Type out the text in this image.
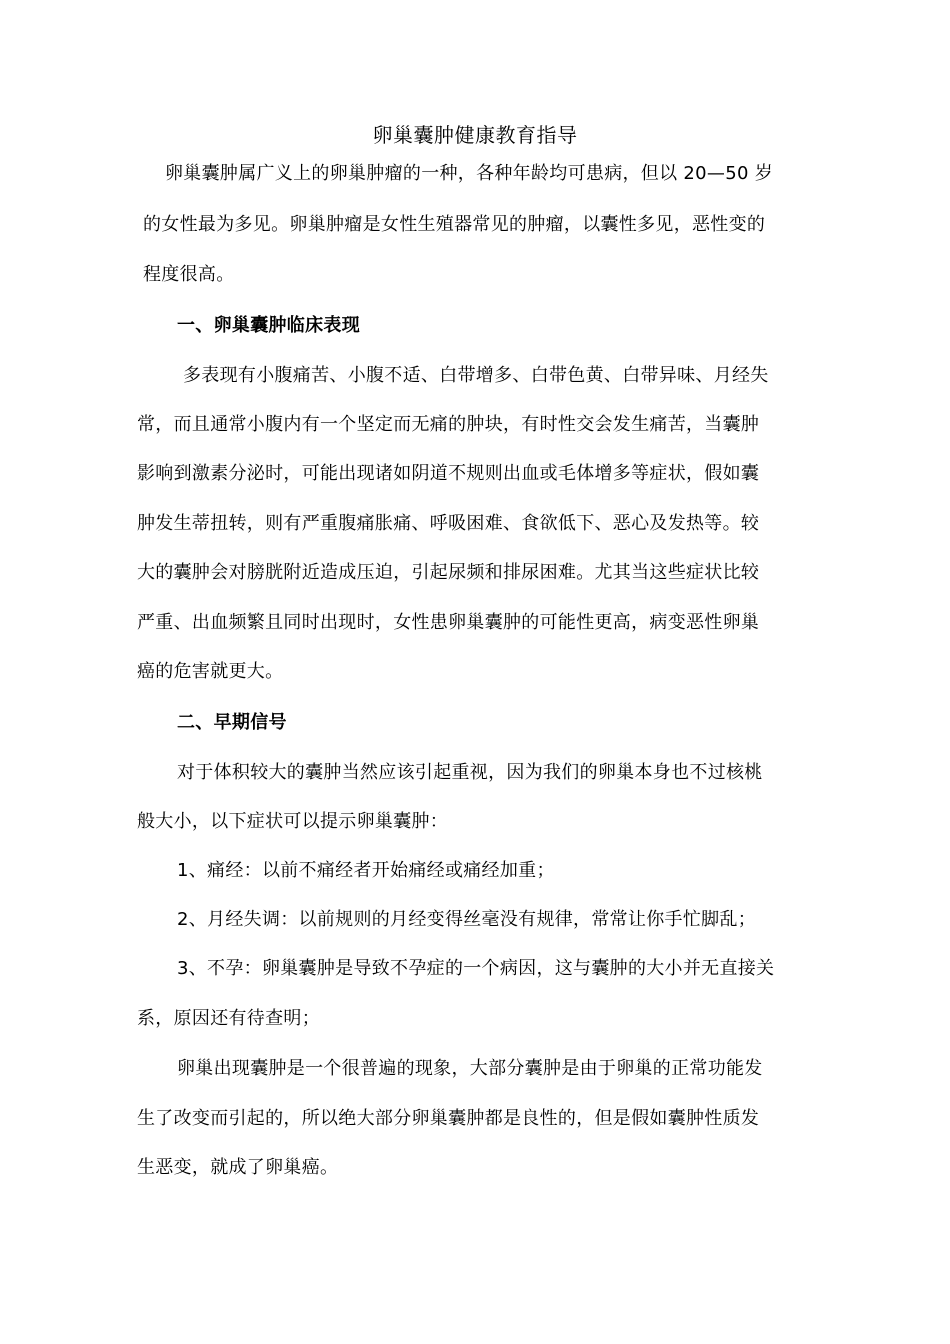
卵巢囊肿健康教育指导
卵巢囊肿属广义上的卵巢肿瘤的一种，各种年龄均可患病，但以 20—50 岁
的女性最为多见。卵巢肿瘤是女性生殖器常见的肿瘤，以囊性多见，恶性变的
程度很高。
一、卵巢囊肿临床表现
多表现有小腹痛苦、小腹不适、白带增多、白带色黄、白带异味、月经失
常，而且通常小腹内有一个坚定而无痛的肿块，有时性交会发生痛苦，当囊肿
影响到激素分泌时，可能出现诸如阴道不规则出血或毛体增多等症状，假如囊
肿发生蒂扭转，则有严重腹痛胀痛、呼吸困难、食欲低下、恶心及发热等。较
大的囊肿会对膀胱附近造成压迫，引起尿频和排尿困难。尤其当这些症状比较
严重、出血频繁且同时出现时，女性患卵巢囊肿的可能性更高，病变恶性卵巢
癌的危害就更大。
二、早期信号
对于体积较大的囊肿当然应该引起重视，因为我们的卵巢本身也不过核桃
般大小，以下症状可以提示卵巢囊肿：
1、痛经：以前不痛经者开始痛经或痛经加重；
2、月经失调：以前规则的月经变得丝毫没有规律，常常让你手忙脚乱；
3、不孕：卵巢囊肿是导致不孕症的一个病因，这与囊肿的大小并无直接关
系，原因还有待查明；
卵巢出现囊肿是一个很普遍的现象，大部分囊肿是由于卵巢的正常功能发
生了改变而引起的，所以绝大部分卵巢囊肿都是良性的，但是假如囊肿性质发
生恶变，就成了卵巢癌。
